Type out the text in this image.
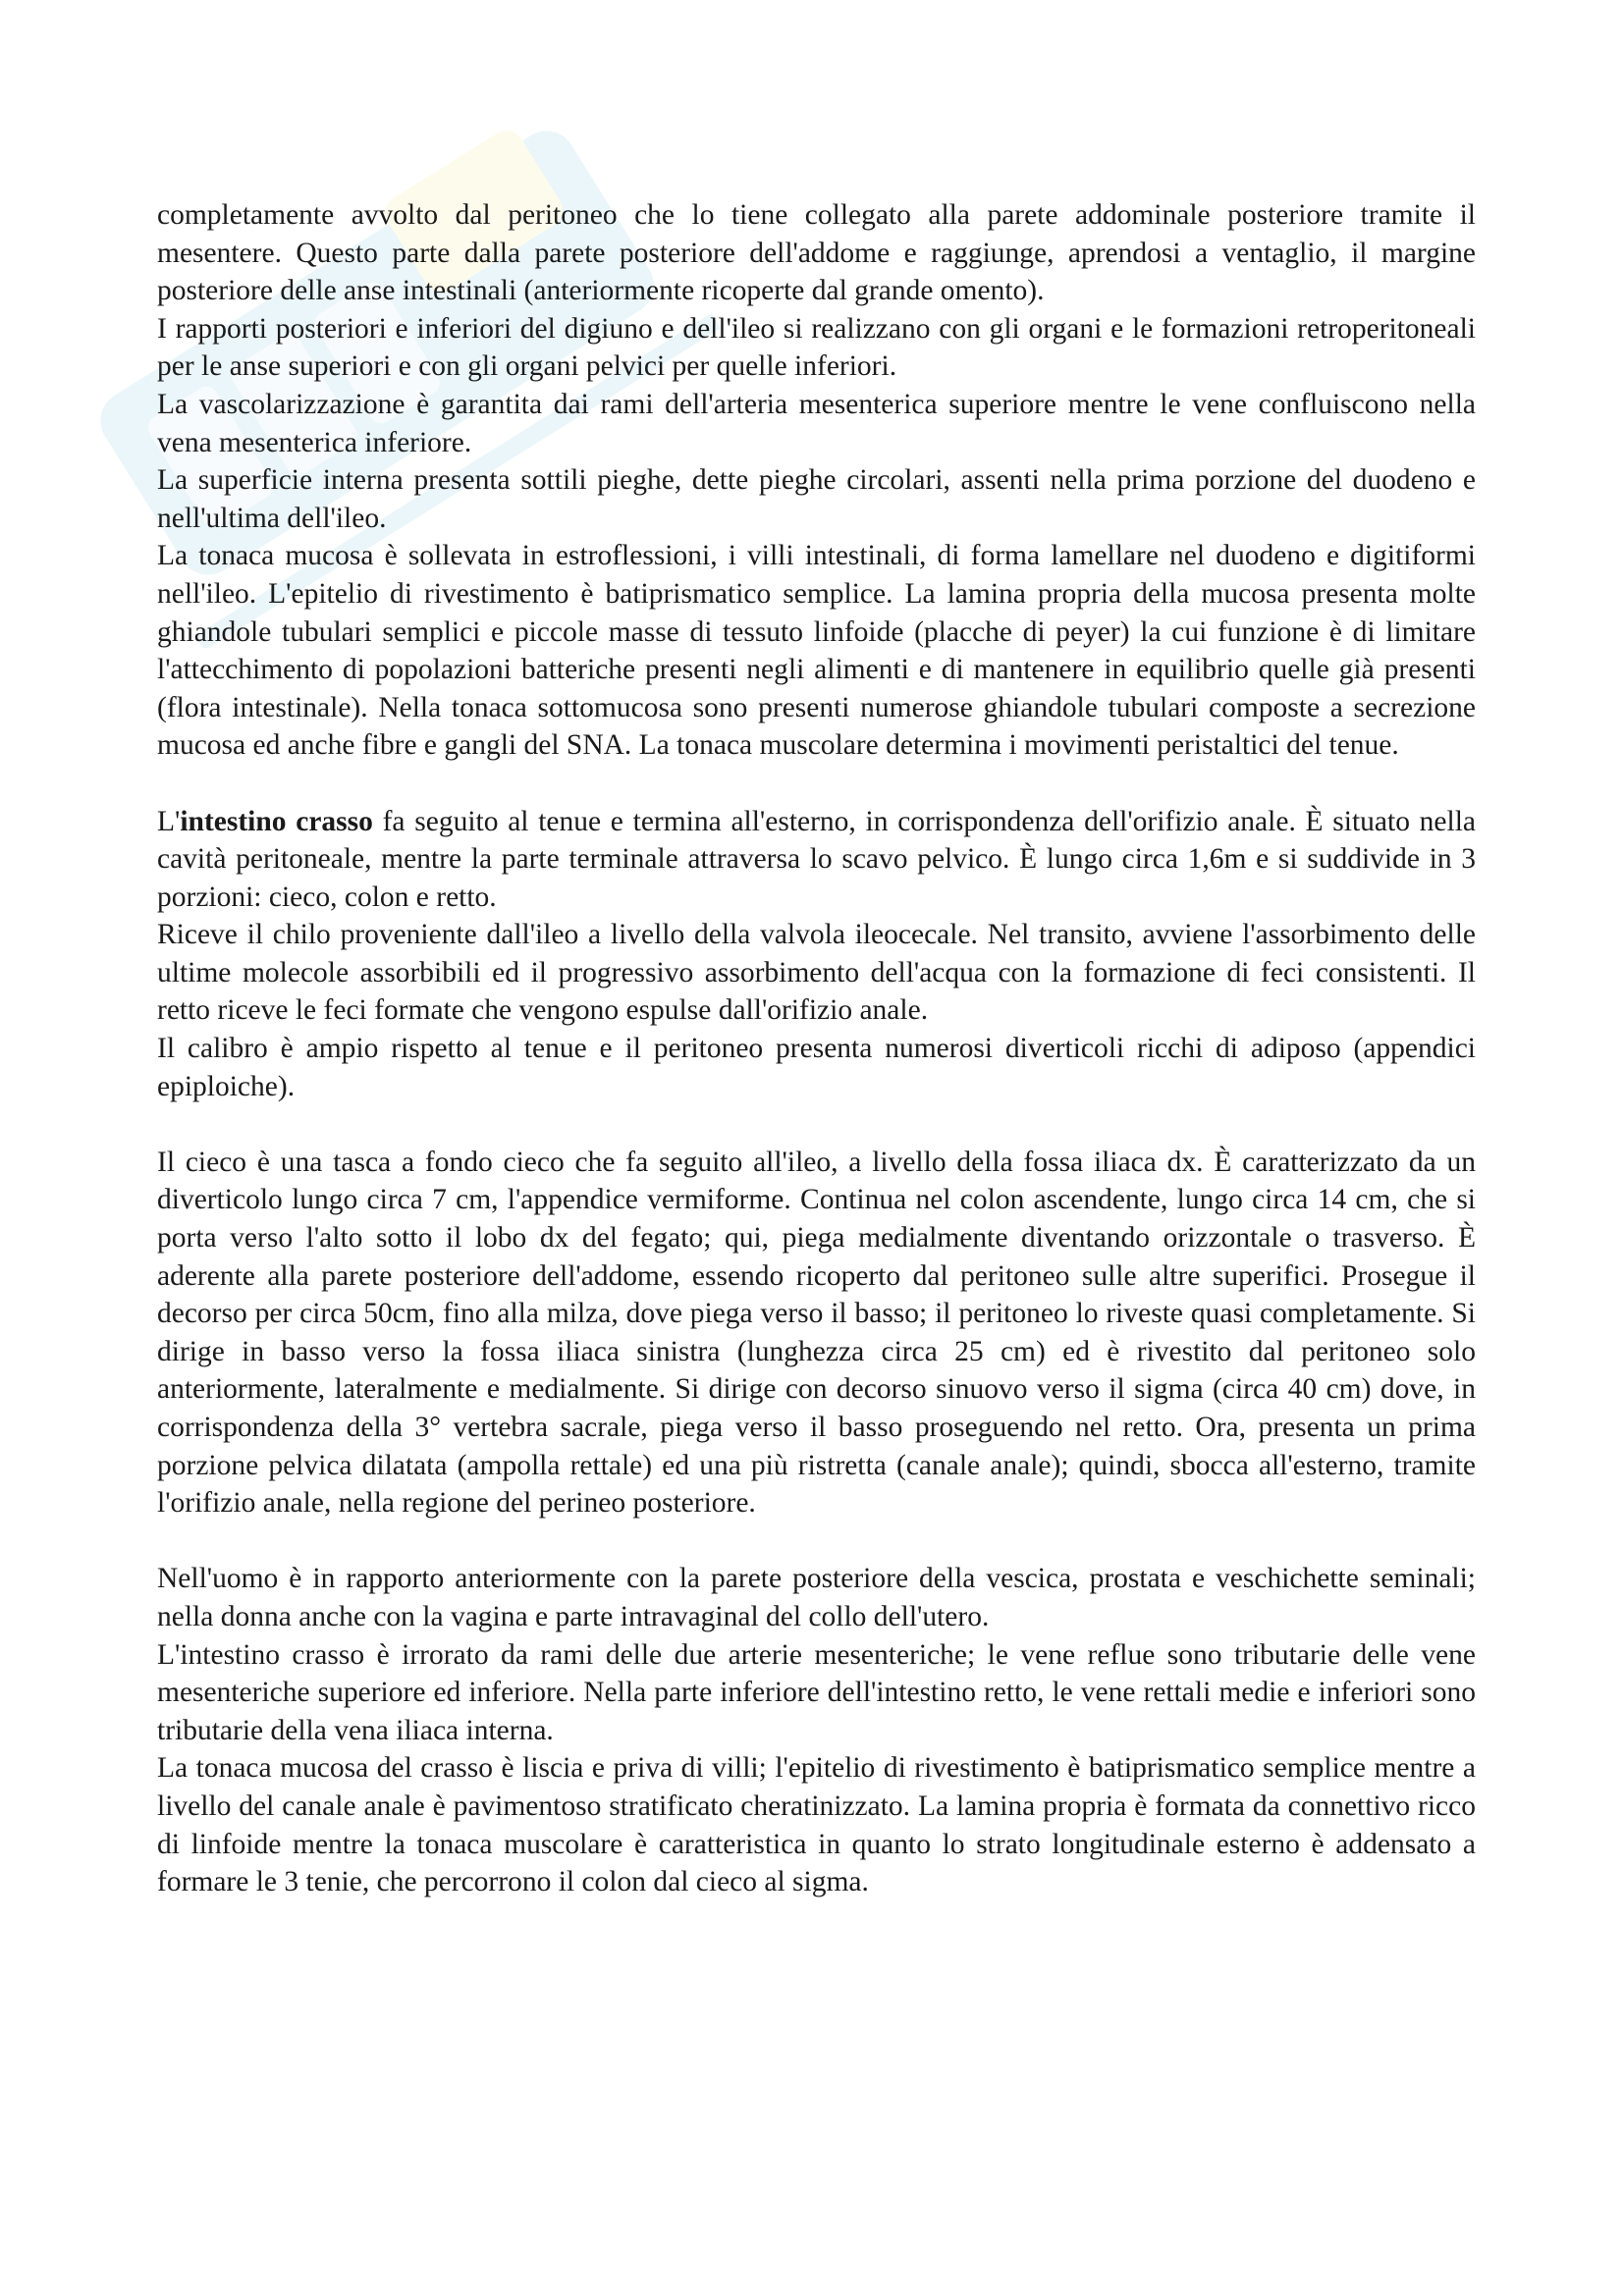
completamente avvolto dal peritoneo che lo tiene collegato alla parete addominale posteriore tramite il mesentere. Questo parte dalla parete posteriore dell'addome e raggiunge, aprendosi a ventaglio, il margine posteriore delle anse intestinali (anteriormente ricoperte dal grande omento).

I rapporti posteriori e inferiori del digiuno e dell'ileo si realizzano con gli organi e le formazioni retroperitoneali per le anse superiori e con gli organi pelvici per quelle inferiori.

La vascolarizzazione è garantita dai rami dell'arteria mesenterica superiore mentre le vene confluiscono nella vena mesenterica inferiore.

La superficie interna presenta sottili pieghe, dette pieghe circolari, assenti nella prima porzione del duodeno e nell'ultima dell'ileo.

La tonaca mucosa è sollevata in estroflessioni, i villi intestinali, di forma lamellare nel duodeno e digitiformi nell'ileo. L'epitelio di rivestimento è batiprismatico semplice. La lamina propria della mucosa presenta molte ghiandole tubulari semplici e piccole masse di tessuto linfoide (placche di peyer) la cui funzione è di limitare l'attecchimento di popolazioni batteriche presenti negli alimenti e di mantenere in equilibrio quelle già presenti (flora intestinale). Nella tonaca sottomucosa sono presenti numerose ghiandole tubulari composte a secrezione mucosa ed anche fibre e gangli del SNA. La tonaca muscolare determina i movimenti peristaltici del tenue.

L'intestino crasso fa seguito al tenue e termina all'esterno, in corrispondenza dell'orifizio anale. È situato nella cavità peritoneale, mentre la parte terminale attraversa lo scavo pelvico. È lungo circa 1,6m e si suddivide in 3 porzioni: cieco, colon e retto.

Riceve il chilo proveniente dall'ileo a livello della valvola ileocecale. Nel transito, avviene l'assorbimento delle ultime molecole assorbibili ed il progressivo assorbimento dell'acqua con la formazione di feci consistenti. Il retto riceve le feci formate che vengono espulse dall'orifizio anale.

Il calibro è ampio rispetto al tenue e il peritoneo presenta numerosi diverticoli ricchi di adiposo (appendici epiploiche).

Il cieco è una tasca a fondo cieco che fa seguito all'ileo, a livello della fossa iliaca dx. È caratterizzato da un diverticolo lungo circa 7 cm, l'appendice vermiforme. Continua nel colon ascendente, lungo circa 14 cm, che si porta verso l'alto sotto il lobo dx del fegato; qui, piega medialmente diventando orizzontale o trasverso. È aderente alla parete posteriore dell'addome, essendo ricoperto dal peritoneo sulle altre superifici. Prosegue il decorso per circa 50cm, fino alla milza, dove piega verso il basso; il peritoneo lo riveste quasi completamente. Si dirige in basso verso la fossa iliaca sinistra (lunghezza circa 25 cm) ed è rivestito dal peritoneo solo anteriormente, lateralmente e medialmente. Si dirige con decorso sinuovo verso il sigma (circa 40 cm) dove, in corrispondenza della 3° vertebra sacrale, piega verso il basso proseguendo nel retto. Ora, presenta un prima porzione pelvica dilatata (ampolla rettale) ed una più ristretta (canale anale); quindi, sbocca all'esterno, tramite l'orifizio anale, nella regione del perineo posteriore.

Nell'uomo è in rapporto anteriormente con la parete posteriore della vescica, prostata e veschichette seminali; nella donna anche con la vagina e parte intravaginal del collo dell'utero.

L'intestino crasso è irrorato da rami delle due arterie mesenteriche; le vene reflue sono tributarie delle vene mesenteriche superiore ed inferiore. Nella parte inferiore dell'intestino retto, le vene rettali medie e inferiori sono tributarie della vena iliaca interna.

La tonaca mucosa del crasso è liscia e priva di villi; l'epitelio di rivestimento è batiprismatico semplice mentre a livello del canale anale è pavimentoso stratificato cheratinizzato. La lamina propria è formata da connettivo ricco di linfoide mentre la tonaca muscolare è caratteristica in quanto lo strato longitudinale esterno è addensato a formare le 3 tenie, che percorrono il colon dal cieco al sigma.
